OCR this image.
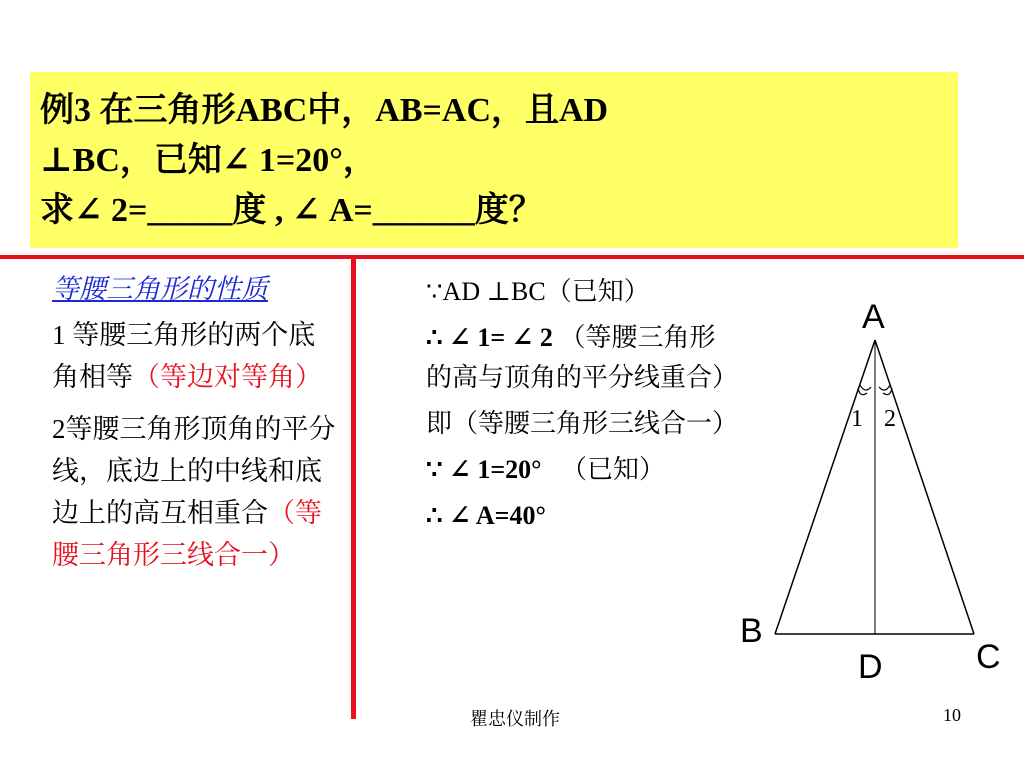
例3 在三角形ABC中，AB=AC，且AD
⊥BC，已知∠ 1=20°，
求∠ 2=_____度 , ∠ A=______度？
等腰三角形的性质

1 等腰三角形的两个底角相等（等边对等角）

2等腰三角形顶角的平分线，底边上的中线和底边上的高互相重合（等腰三角形三线合一）

∵AD ⊥BC（已知）

∴ ∠ 1= ∠ 2 （等腰三角形的高与顶角的平分线重合）

即（等腰三角形三线合一）

∵ ∠ 1=20° （已知）

∴ ∠ A=40°

A
B
C
D
1 2
瞿忠仪制作	10
